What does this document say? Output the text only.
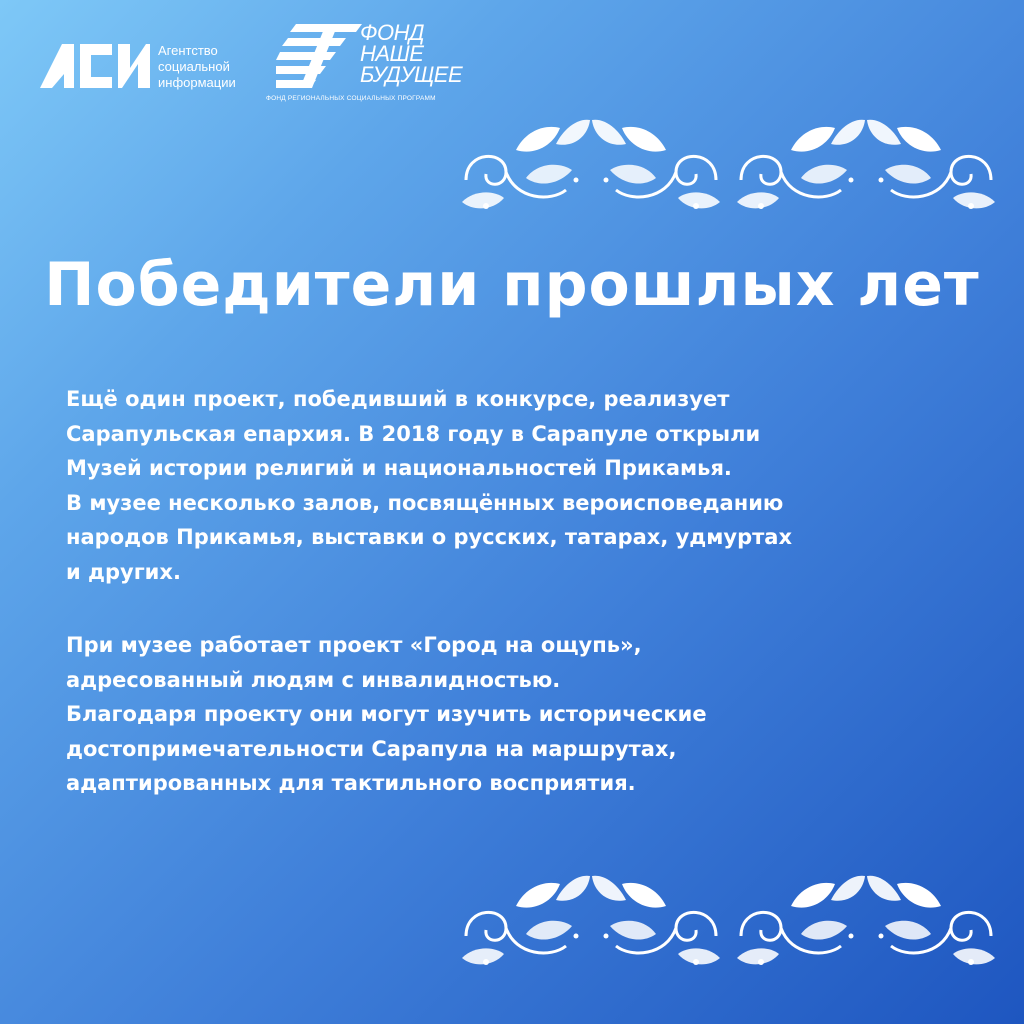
Агентство
социальной
информации
ФОНД
НАШЕ
БУДУЩЕЕ
ФОНД РЕГИОНАЛЬНЫХ СОЦИАЛЬНЫХ ПРОГРАММ
Победители прошлых лет
Ещё один проект, победивший в конкурсе, реализует
Сарапульская епархия. В 2018 году в Сарапуле открыли
Музей истории религий и национальностей Прикамья.
В музее несколько залов, посвящённых вероисповеданию
народов Прикамья, выставки о русских, татарах, удмуртах
и других.
При музее работает проект «Город на ощупь»,
адресованный людям с инвалидностью.
Благодаря проекту они могут изучить исторические
достопримечательности Сарапула на маршрутах,
адаптированных для тактильного восприятия.
